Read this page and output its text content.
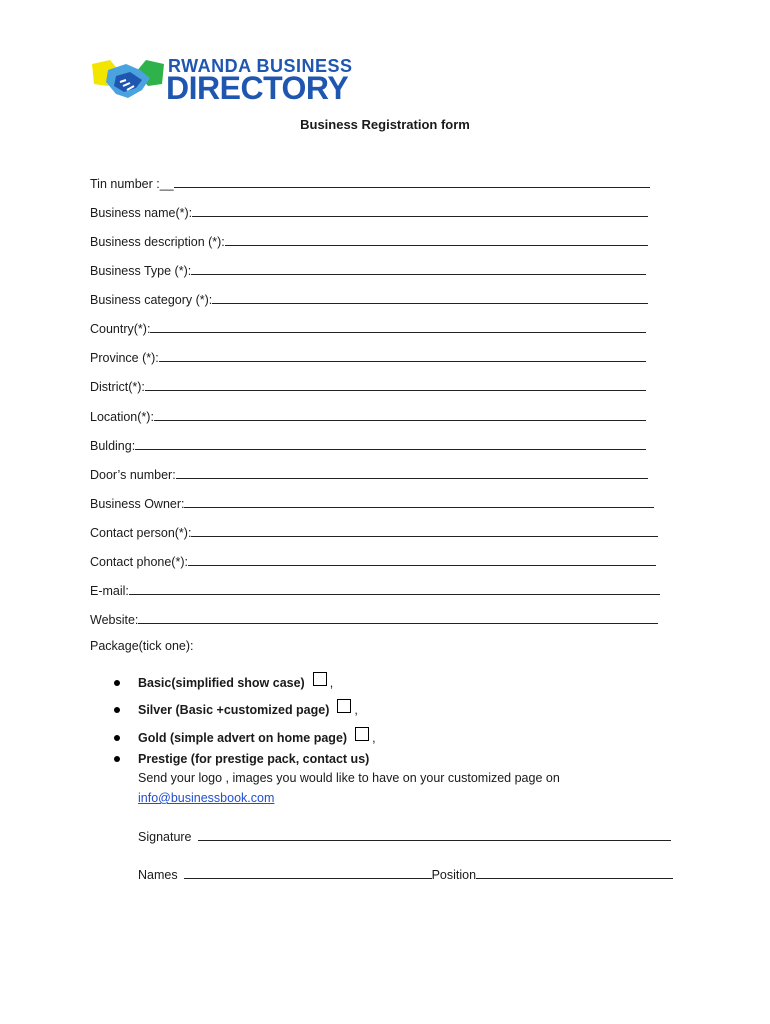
RWANDA BUSINESS
DIRECTORY
Business Registration form
Tin number :__
Business name(*):
Business description (*):
Business Type (*):
Business category (*):
Country(*):
Province (*):
District(*):
Location(*):
Bulding:
Door’s number:
Business Owner:
Contact person(*):
Contact phone(*):
E-mail:
Website:
Package(tick one):
Basic(simplified show case) ,
Silver (Basic +customized page) ,
Gold (simple advert on home page) ,
Prestige (for prestige pack, contact us)
Send your logo , images you would like to have on your customized page on
info@businessbook.com
Signature
Names	Position
